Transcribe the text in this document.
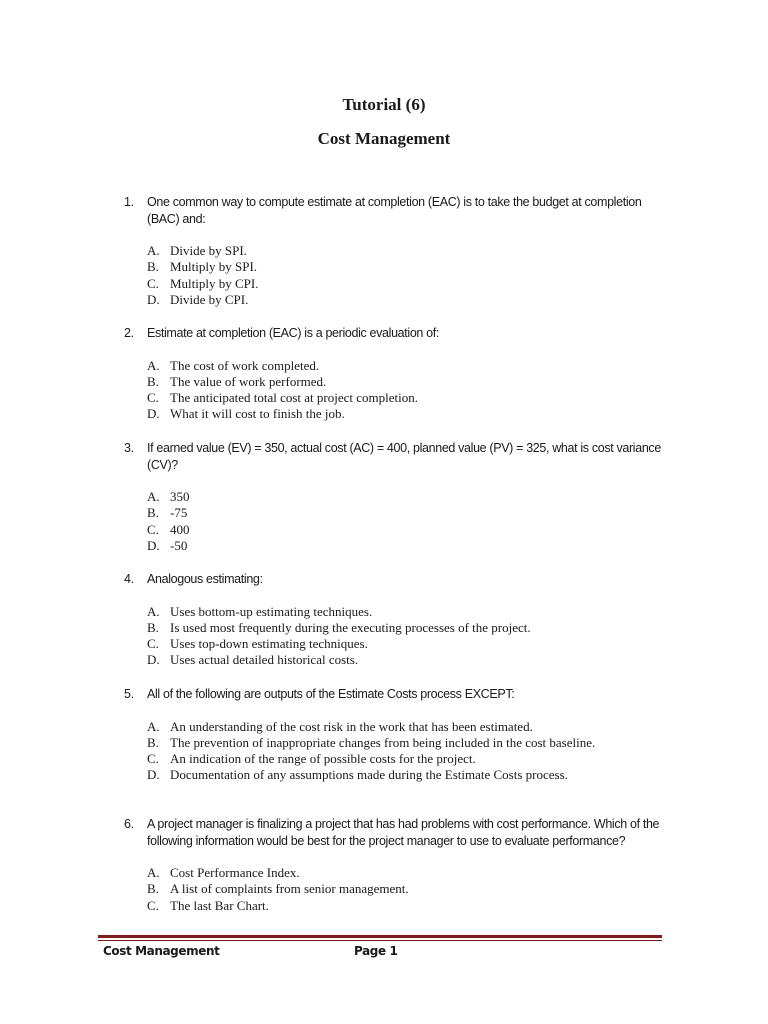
Tutorial (6)
Cost Management
1.	One common way to compute estimate at completion (EAC) is to take the budget at completion (BAC) and:
A. Divide by SPI.
B. Multiply by SPI.
C. Multiply by CPI.
D. Divide by CPI.
2.	Estimate at completion (EAC) is a periodic evaluation of:
A. The cost of work completed.
B. The value of work performed.
C. The anticipated total cost at project completion.
D. What it will cost to finish the job.
3.	If earned value (EV) = 350, actual cost (AC) = 400, planned value (PV) = 325, what is cost variance (CV)?
A. 350
B. -75
C. 400
D. -50
4.	Analogous estimating:
A. Uses bottom-up estimating techniques.
B. Is used most frequently during the executing processes of the project.
C. Uses top-down estimating techniques.
D. Uses actual detailed historical costs.
5.	All of the following are outputs of the Estimate Costs process EXCEPT:
A. An understanding of the cost risk in the work that has been estimated.
B. The prevention of inappropriate changes from being included in the cost baseline.
C. An indication of the range of possible costs for the project.
D. Documentation of any assumptions made during the Estimate Costs process.
6.	A project manager is finalizing a project that has had problems with cost performance. Which of the following information would be best for the project manager to use to evaluate performance?
A. Cost Performance Index.
B. A list of complaints from senior management.
C. The last Bar Chart.
Cost Management	Page 1
